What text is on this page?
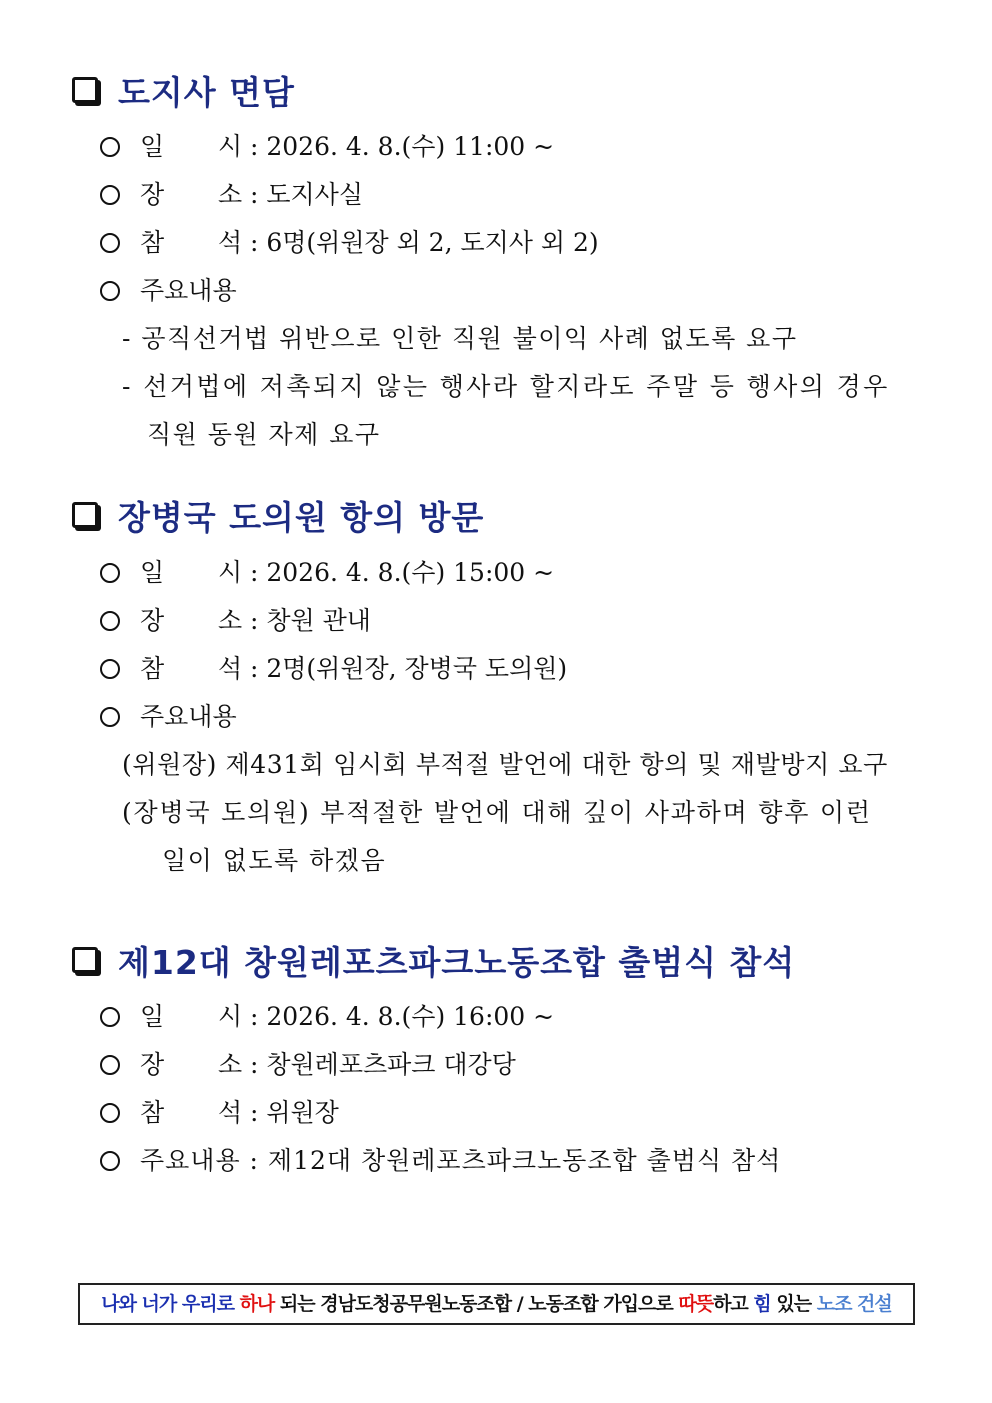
도지사 면담
일 시 : 2026. 4. 8.(수) 11:00 ~
장 소 : 도지사실
참 석 : 6명(위원장 외 2, 도지사 외 2)
주요내용
- 공직선거법 위반으로 인한 직원 불이익 사례 없도록 요구
- 선거법에 저촉되지 않는 행사라 할지라도 주말 등 행사의 경우
직원 동원 자제 요구
장병국 도의원 항의 방문
일 시 : 2026. 4. 8.(수) 15:00 ~
장 소 : 창원 관내
참 석 : 2명(위원장, 장병국 도의원)
주요내용
(위원장) 제431회 임시회 부적절 발언에 대한 항의 및 재발방지 요구
(장병국 도의원) 부적절한 발언에 대해 깊이 사과하며 향후 이런
일이 없도록 하겠음
제12대 창원레포츠파크노동조합 출범식 참석
일 시 : 2026. 4. 8.(수) 16:00 ~
장 소 : 창원레포츠파크 대강당
참 석 : 위원장
주요내용 : 제12대 창원레포츠파크노동조합 출범식 참석
나와 너가 우리로 하나 되는 경남도청공무원노동조합 / 노동조합 가입으로 따뜻하고 힘 있는 노조 건설
